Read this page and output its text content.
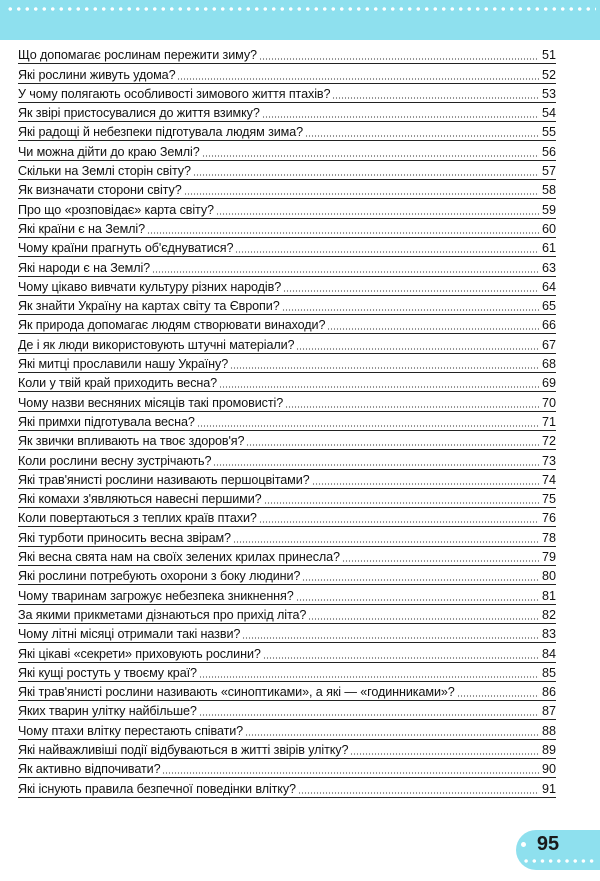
Що допомагає рослинам пережити зиму?	51
Які рослини живуть удома?	52
У чому полягають особливості зимового життя птахів?	53
Як звірі пристосувалися до життя взимку?	54
Які радощі й небезпеки підготувала людям зима?	55
Чи можна дійти до краю Землі?	56
Скільки на Землі сторін світу?	57
Як визначати сторони світу?	58
Про що «розповідає» карта світу?	59
Які країни є на Землі?	60
Чому країни прагнуть об'єднуватися?	61
Які народи є на Землі?	63
Чому цікаво вивчати культуру різних народів?	64
Як знайти Україну на картах світу та Європи?	65
Як природа допомагає людям створювати винаходи?	66
Де і як люди використовують штучні матеріали?	67
Які митці прославили нашу Україну?	68
Коли у твій край приходить весна?	69
Чому назви весняних місяців такі промовисті?	70
Які примхи підготувала весна?	71
Як звички впливають на твоє здоров'я?	72
Коли рослини весну зустрічають?	73
Які трав'янисті рослини називають першоцвітами?	74
Які комахи з'являються навесні першими?	75
Коли повертаються з теплих країв птахи?	76
Які турботи приносить весна звірам?	78
Які весна свята нам на своїх зелених крилах принесла?	79
Які рослини потребують охорони з боку людини?	80
Чому тваринам загрожує небезпека зникнення?	81
За якими прикметами дізнаються про прихід літа?	82
Чому літні місяці отримали такі назви?	83
Які цікаві «секрети» приховують рослини?	84
Які кущі ростуть у твоєму краї?	85
Які трав'янисті рослини називають «синоптиками», а які — «годинниками»?	86
Яких тварин улітку найбільше?	87
Чому птахи влітку перестають співати?	88
Які найважливіші події відбуваються в житті звірів улітку?	89
Як активно відпочивати?	90
Які існують правила безпечної поведінки влітку?	91
95
